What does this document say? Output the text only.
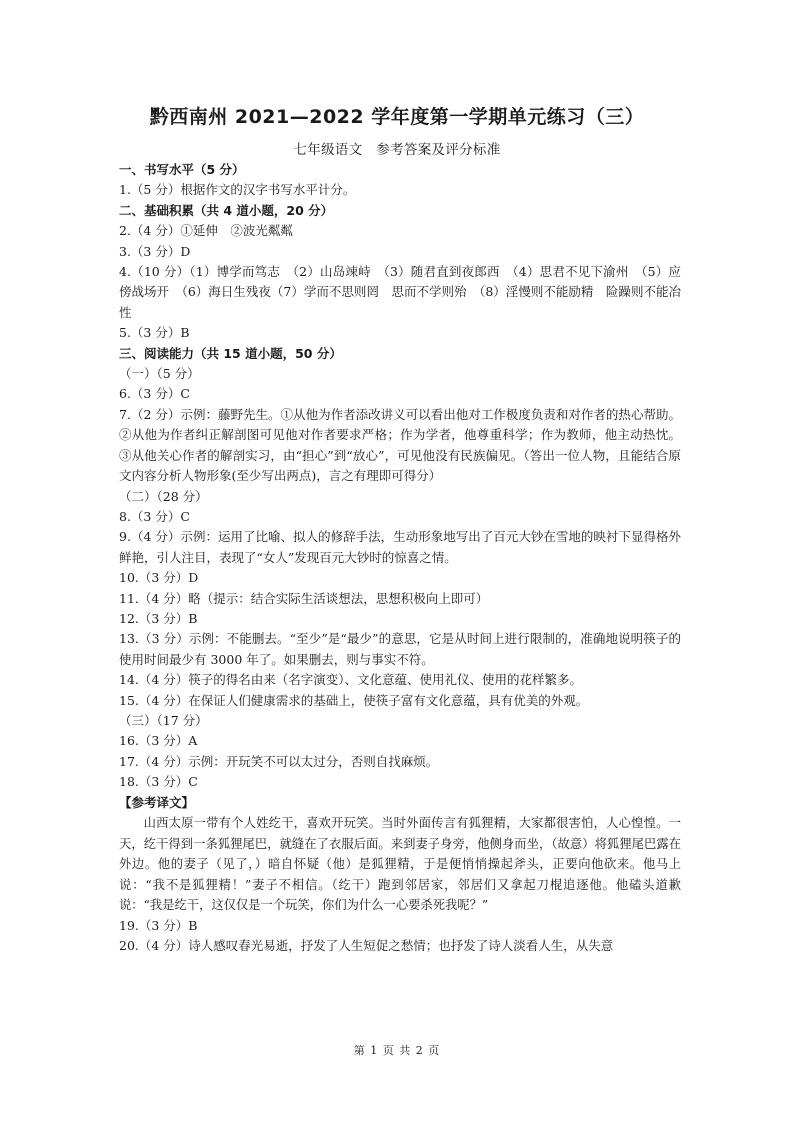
黔西南州 2021—2022 学年度第一学期单元练习（三）
七年级语文　参考答案及评分标准

一、书写水平（5 分）

1.（5 分）根据作文的汉字书写水平计分。

二、基础积累（共 4 道小题，20 分）

2.（4 分）①延伸　②波光粼粼

3.（3 分）D

4.（10 分）（1）博学而笃志　（2）山岛竦峙　（3）随君直到夜郎西　（4）思君不见下渝州　（5）应傍战场开　（6）海日生残夜（7）学而不思则罔　思而不学则殆　（8）淫慢则不能励精　险躁则不能冶性

5.（3 分）B

三、阅读能力（共 15 道小题，50 分）

（一）（5 分）

6.（3 分）C

7.（2 分）示例：藤野先生。①从他为作者添改讲义可以看出他对工作极度负责和对作者的热心帮助。②从他为作者纠正解剖图可见他对作者要求严格；作为学者，他尊重科学；作为教师，他主动热忱。③从他关心作者的解剖实习，由“担心”到“放心”，可见他没有民族偏见。（答出一位人物，且能结合原文内容分析人物形象(至少写出两点)，言之有理即可得分）

（二）（28 分）

8.（3 分）C

9.（4 分）示例：运用了比喻、拟人的修辞手法，生动形象地写出了百元大钞在雪地的映衬下显得格外鲜艳，引人注目，表现了“女人”发现百元大钞时的惊喜之情。

10.（3 分）D

11.（4 分）略（提示：结合实际生活谈想法，思想积极向上即可）

12.（3 分）B

13.（3 分）示例：不能删去。“至少”是“最少”的意思，它是从时间上进行限制的，准确地说明筷子的使用时间最少有 3000 年了。如果删去，则与事实不符。

14.（4 分）筷子的得名由来（名字演变）、文化意蕴、使用礼仪、使用的花样繁多。

15.（4 分）在保证人们健康需求的基础上，使筷子富有文化意蕴，具有优美的外观。

（三）（17 分）

16.（3 分）A

17.（4 分）示例：开玩笑不可以太过分，否则自找麻烦。

18.（3 分）C

【参考译文】

山西太原一带有个人姓纥干，喜欢开玩笑。当时外面传言有狐狸精，大家都很害怕，人心惶惶。一天，纥干得到一条狐狸尾巴，就缝在了衣服后面。来到妻子身旁，他侧身而坐，（故意）将狐狸尾巴露在外边。他的妻子（见了，）暗自怀疑（他）是狐狸精，于是便悄悄操起斧头，正要向他砍来。他马上说：“我不是狐狸精！”妻子不相信。（纥干）跑到邻居家，邻居们又拿起刀棍追逐他。他磕头道歉说：“我是纥干，这仅仅是一个玩笑，你们为什么一心要杀死我呢？”

19.（3 分）B

20.（4 分）诗人感叹春光易逝，抒发了人生短促之愁情；也抒发了诗人淡看人生，从失意

第 1 页 共 2 页
